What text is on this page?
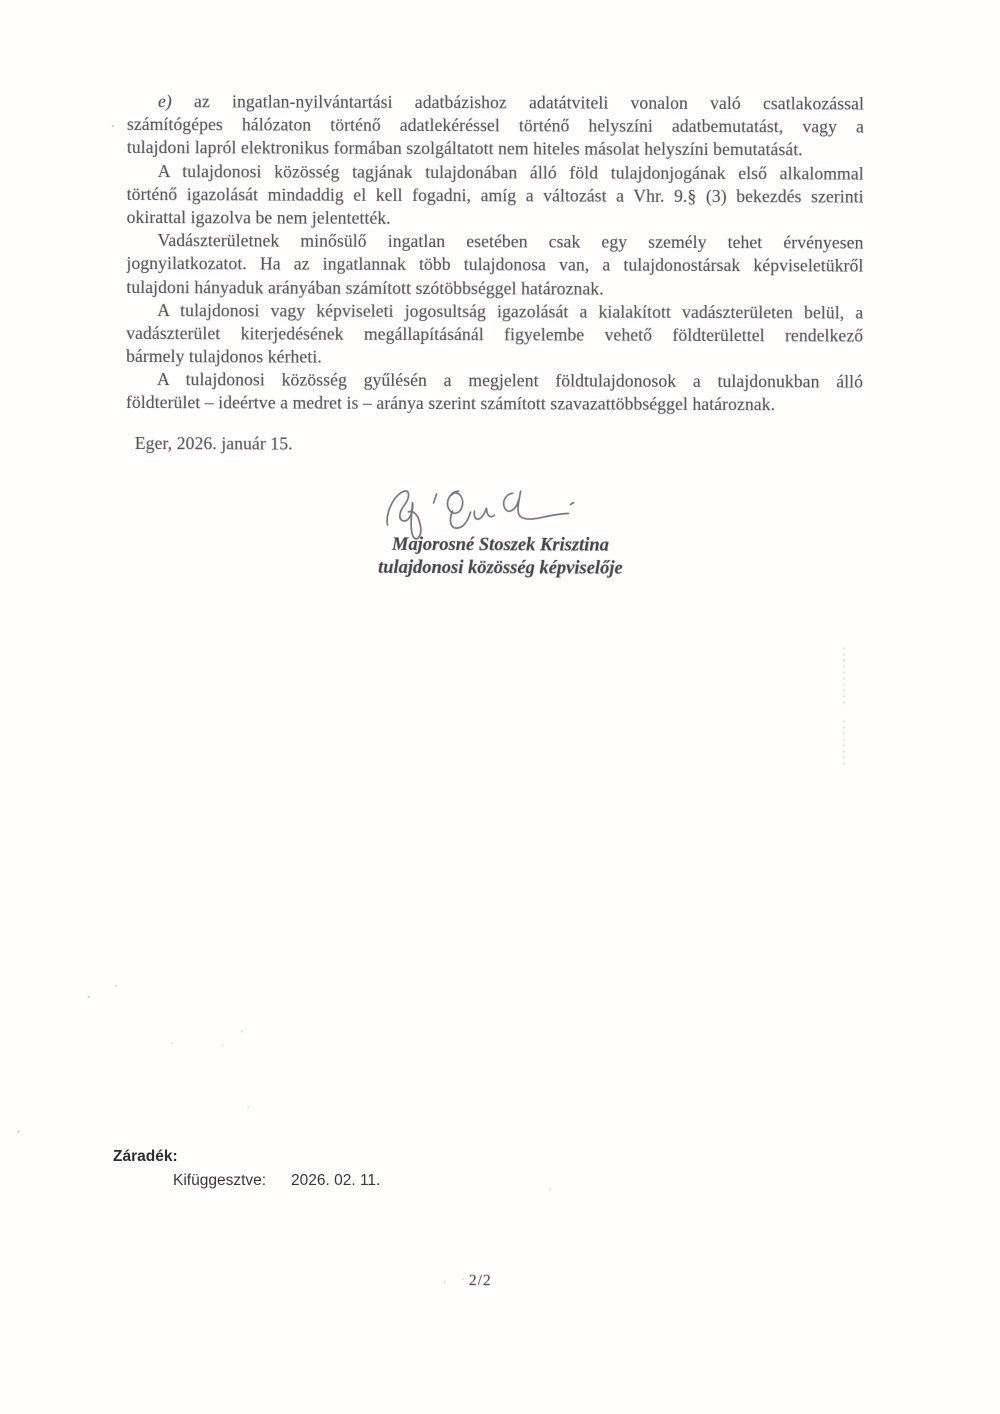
e) az ingatlan-nyilvántartási adatbázishoz adatátviteli vonalon való csatlakozással
számítógépes hálózaton történő adatlekéréssel történő helyszíni adatbemutatást, vagy a
tulajdoni lapról elektronikus formában szolgáltatott nem hiteles másolat helyszíni bemutatását.
A tulajdonosi közösség tagjának tulajdonában álló föld tulajdonjogának első alkalommal
történő igazolását mindaddig el kell fogadni, amíg a változást a Vhr. 9.§ (3) bekezdés szerinti
okirattal igazolva be nem jelentették.
Vadászterületnek minősülő ingatlan esetében csak egy személy tehet érvényesen
jognyilatkozatot. Ha az ingatlannak több tulajdonosa van, a tulajdonostársak képviseletükről
tulajdoni hányaduk arányában számított szótöbbséggel határoznak.
A tulajdonosi vagy képviseleti jogosultság igazolását a kialakított vadászterületen belül, a
vadászterület kiterjedésének megállapításánál figyelembe vehető földterülettel rendelkező
bármely tulajdonos kérheti.
A tulajdonosi közösség gyűlésén a megjelent földtulajdonosok a tulajdonukban álló
földterület – ideértve a medret is – aránya szerint számított szavazattöbbséggel határoznak.
Eger, 2026. január 15.
Majorosné Stoszek Krisztina
tulajdonosi közösség képviselője
2/2
Záradék:
Kifüggesztve: 2026. 02. 11.
